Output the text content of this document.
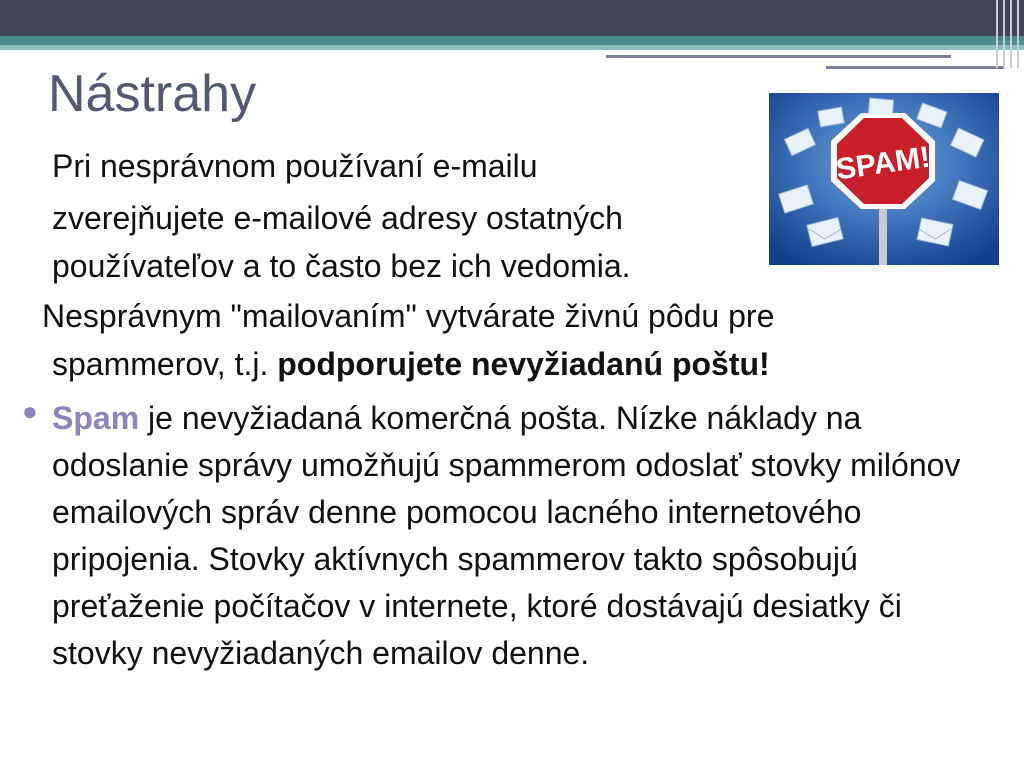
Nástrahy
Pri nesprávnom používaní e-mailu
zverejňujete e-mailové adresy ostatných
používateľov a to často bez ich vedomia.
Nesprávnym "mailovaním" vytvárate živnú pôdu pre
spammerov, t.j. podporujete nevyžiadanú poštu!
● Spam je nevyžiadaná komerčná pošta. Nízke náklady na odoslanie správy umožňujú spammerom odoslať stovky milónov emailových správ denne pomocou lacného internetového pripojenia. Stovky aktívnych spammerov takto spôsobujú preťaženie počítačov v internete, ktoré dostávajú desiatky či stovky nevyžiadaných emailov denne.
SPAM!
